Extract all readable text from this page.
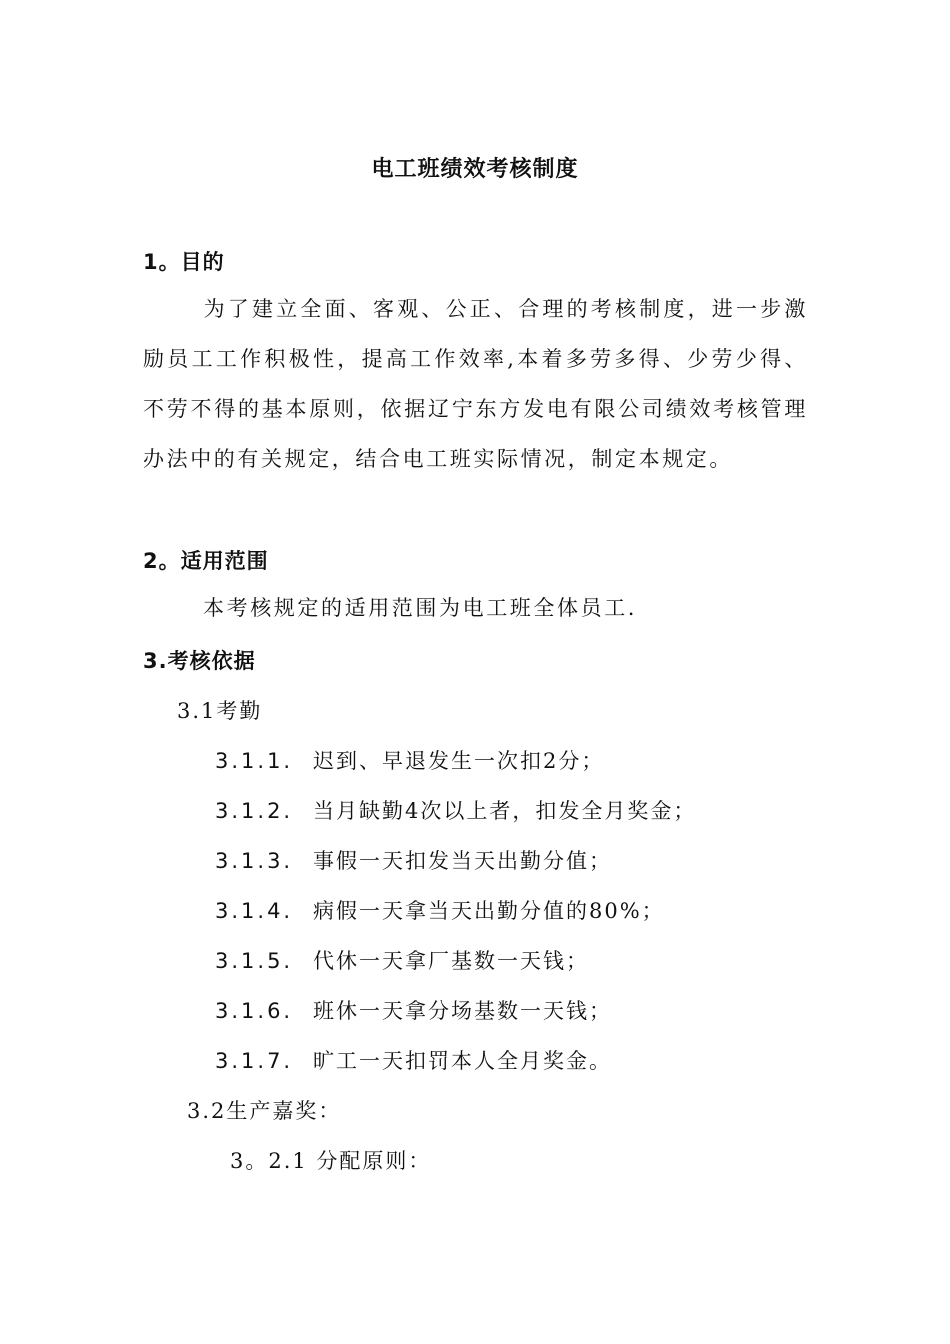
电工班绩效考核制度
1。目的
为了建立全面、客观、公正、合理的考核制度，进一步激励员工工作积极性，提高工作效率,本着多劳多得、少劳少得、不劳不得的基本原则，依据辽宁东方发电有限公司绩效考核管理办法中的有关规定，结合电工班实际情况，制定本规定。
2。适用范围
本考核规定的适用范围为电工班全体员工.
3.考核依据
3.1考勤
3.1.1. 迟到、早退发生一次扣2分；
3.1.2. 当月缺勤4次以上者，扣发全月奖金；
3.1.3. 事假一天扣发当天出勤分值；
3.1.4. 病假一天拿当天出勤分值的80%；
3.1.5. 代休一天拿厂基数一天钱；
3.1.6. 班休一天拿分场基数一天钱；
3.1.7. 旷工一天扣罚本人全月奖金。
3.2生产嘉奖：
3。2.1 分配原则：
